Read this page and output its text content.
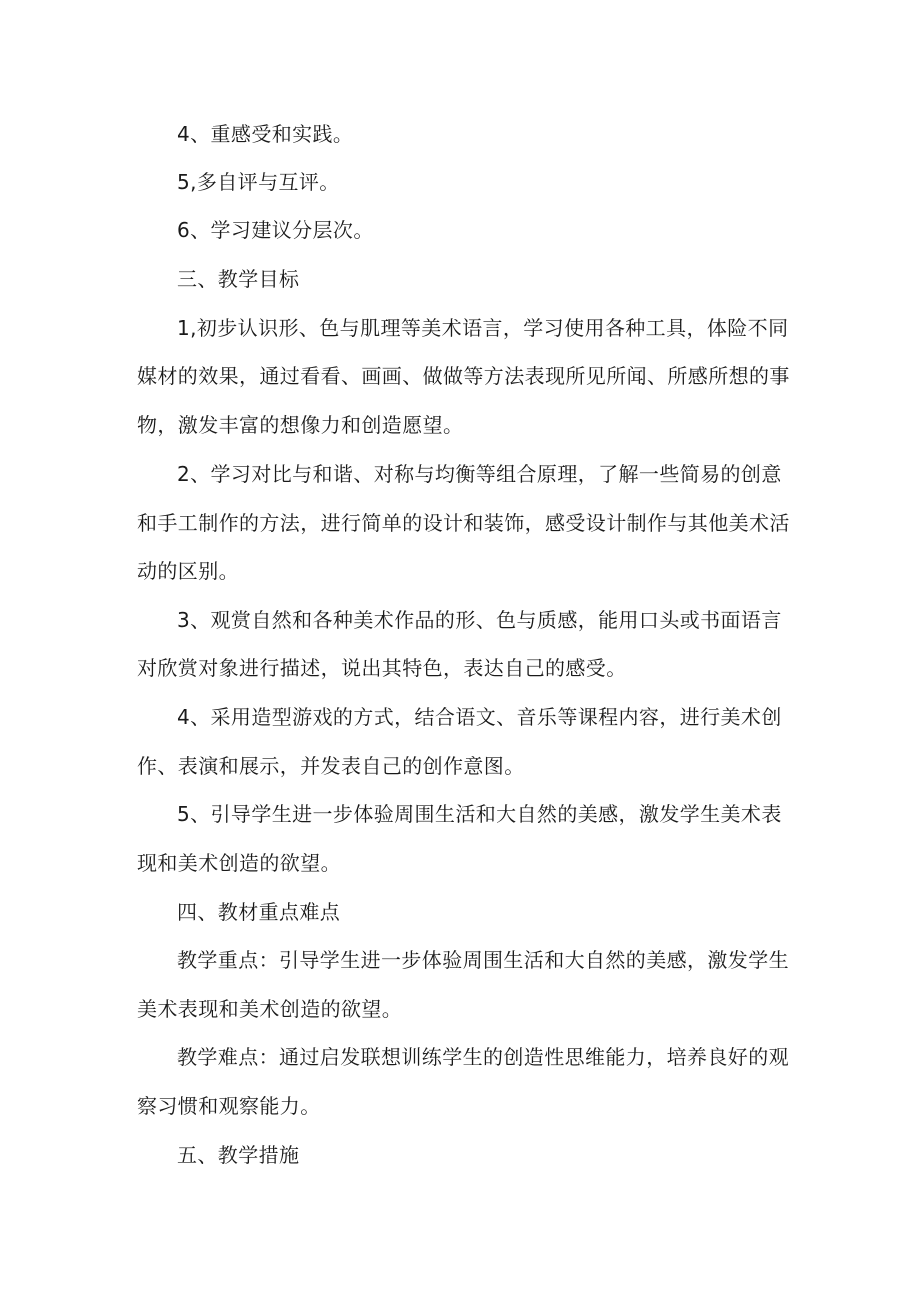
4、重感受和实践。
5,多自评与互评。
6、学习建议分层次。
三、教学目标
1,初步认识形、色与肌理等美术语言，学习使用各种工具，体险不同
媒材的效果，通过看看、画画、做做等方法表现所见所闻、所感所想的事
物，激发丰富的想像力和创造愿望。
2、学习对比与和谐、对称与均衡等组合原理，了解一些简易的创意
和手工制作的方法，进行简单的设计和装饰，感受设计制作与其他美术活
动的区别。
3、观赏自然和各种美术作品的形、色与质感，能用口头或书面语言
对欣赏对象进行描述，说出其特色，表达自己的感受。
4、采用造型游戏的方式，结合语文、音乐等课程内容，进行美术创
作、表演和展示，并发表自己的创作意图。
5、引导学生进一步体验周围生活和大自然的美感，激发学生美术表
现和美术创造的欲望。
四、教材重点难点
教学重点：引导学生进一步体验周围生活和大自然的美感，激发学生
美术表现和美术创造的欲望。
教学难点：通过启发联想训练学生的创造性思维能力，培养良好的观
察习惯和观察能力。
五、教学措施
